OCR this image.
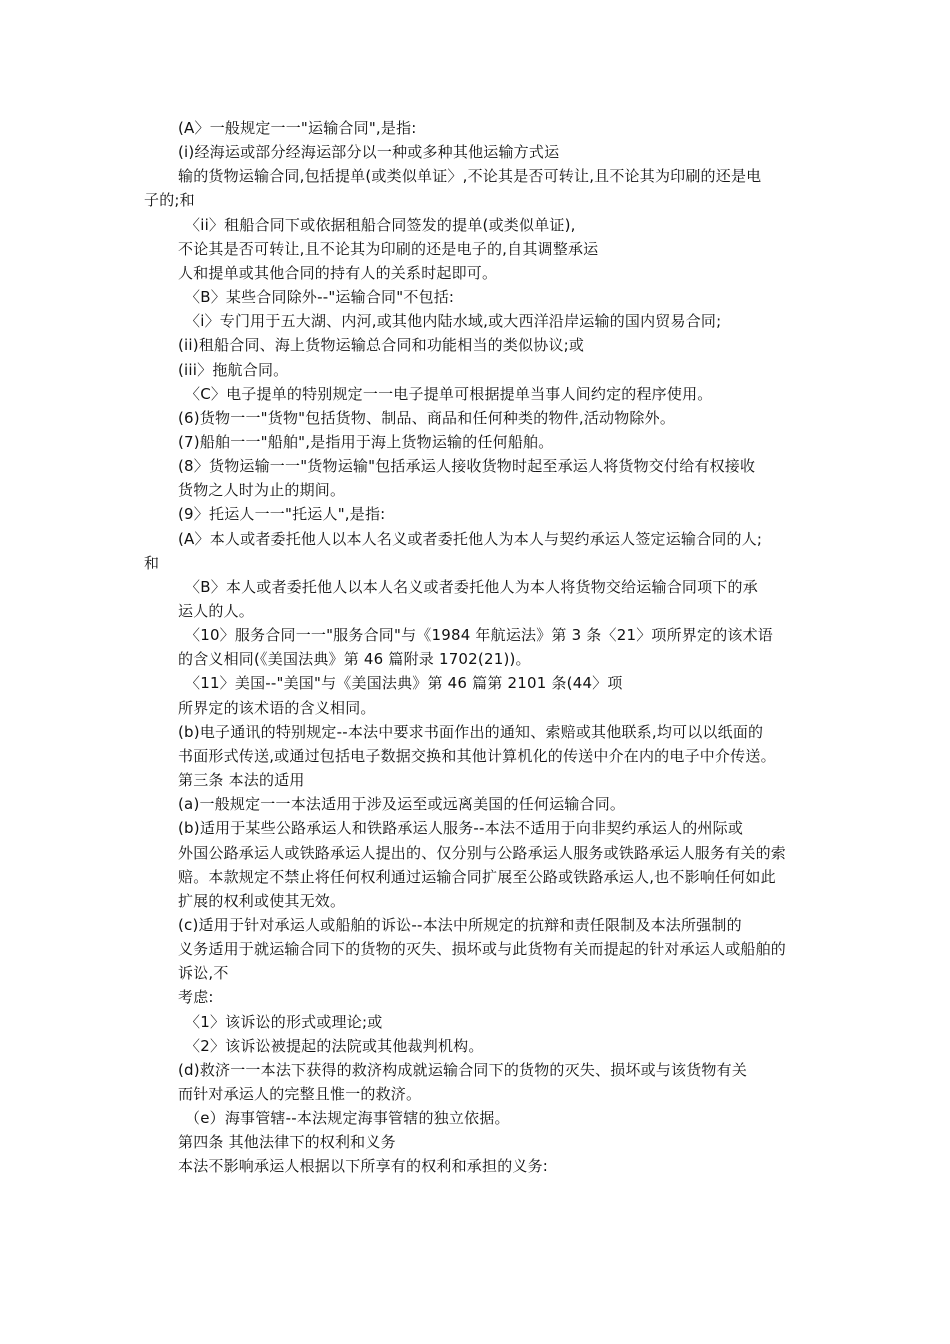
(A〉一般规定一一"运输合同",是指:
(i)经海运或部分经海运部分以一种或多种其他运输方式运
输的货物运输合同,包括提单(或类似单证〉,不论其是否可转让,且不论其为印刷的还是电
子的;和
〈ii〉租船合同下或依据租船合同签发的提单(或类似单证),
不论其是否可转让,且不论其为印刷的还是电子的,自其调整承运
人和提单或其他合同的持有人的关系时起即可。
〈B〉某些合同除外--"运输合同"不包括:
〈i〉专门用于五大湖、内河,或其他内陆水域,或大西洋沿岸运输的国内贸易合同;
(ii)租船合同、海上货物运输总合同和功能相当的类似协议;或
(iii〉拖航合同。
〈C〉电子提单的特别规定一一电子提单可根据提单当事人间约定的程序使用。
(6)货物一一"货物"包括货物、制品、商品和任何种类的物件,活动物除外。
(7)船舶一一"船舶",是指用于海上货物运输的任何船舶。
(8〉货物运输一一"货物运输"包括承运人接收货物时起至承运人将货物交付给有权接收
货物之人时为止的期间。
(9〉托运人一一"托运人",是指:
(A〉本人或者委托他人以本人名义或者委托他人为本人与契约承运人签定运输合同的人;
和
〈B〉本人或者委托他人以本人名义或者委托他人为本人将货物交给运输合同项下的承
运人的人。
〈10〉服务合同一一"服务合同"与《1984 年航运法》第 3 条〈21〉项所界定的该术语
的含义相同(《美国法典》第 46 篇附录 1702(21))。
〈11〉美国--"美国"与《美国法典》第 46 篇第 2101 条(44〉项
所界定的该术语的含义相同。
(b)电子通讯的特别规定--本法中要求书面作出的通知、索赔或其他联系,均可以以纸面的
书面形式传送,或通过包括电子数据交换和其他计算机化的传送中介在内的电子中介传送。
第三条 本法的适用
(a)一般规定一一本法适用于涉及运至或远离美国的任何运输合同。
(b)适用于某些公路承运人和铁路承运人服务--本法不适用于向非契约承运人的州际或
外国公路承运人或铁路承运人提出的、仅分别与公路承运人服务或铁路承运人服务有关的索
赔。本款规定不禁止将任何权利通过运输合同扩展至公路或铁路承运人,也不影响任何如此
扩展的权利或使其无效。
(c)适用于针对承运人或船舶的诉讼--本法中所规定的抗辩和责任限制及本法所强制的
义务适用于就运输合同下的货物的灭失、损坏或与此货物有关而提起的针对承运人或船舶的
诉讼,不
考虑:
〈1〉该诉讼的形式或理论;或
〈2〉该诉讼被提起的法院或其他裁判机构。
(d)救济一一本法下获得的救济构成就运输合同下的货物的灭失、损坏或与该货物有关
而针对承运人的完整且惟一的救济。
（e）海事管辖--本法规定海事管辖的独立依据。
第四条 其他法律下的权利和义务
本法不影响承运人根据以下所享有的权利和承担的义务:
